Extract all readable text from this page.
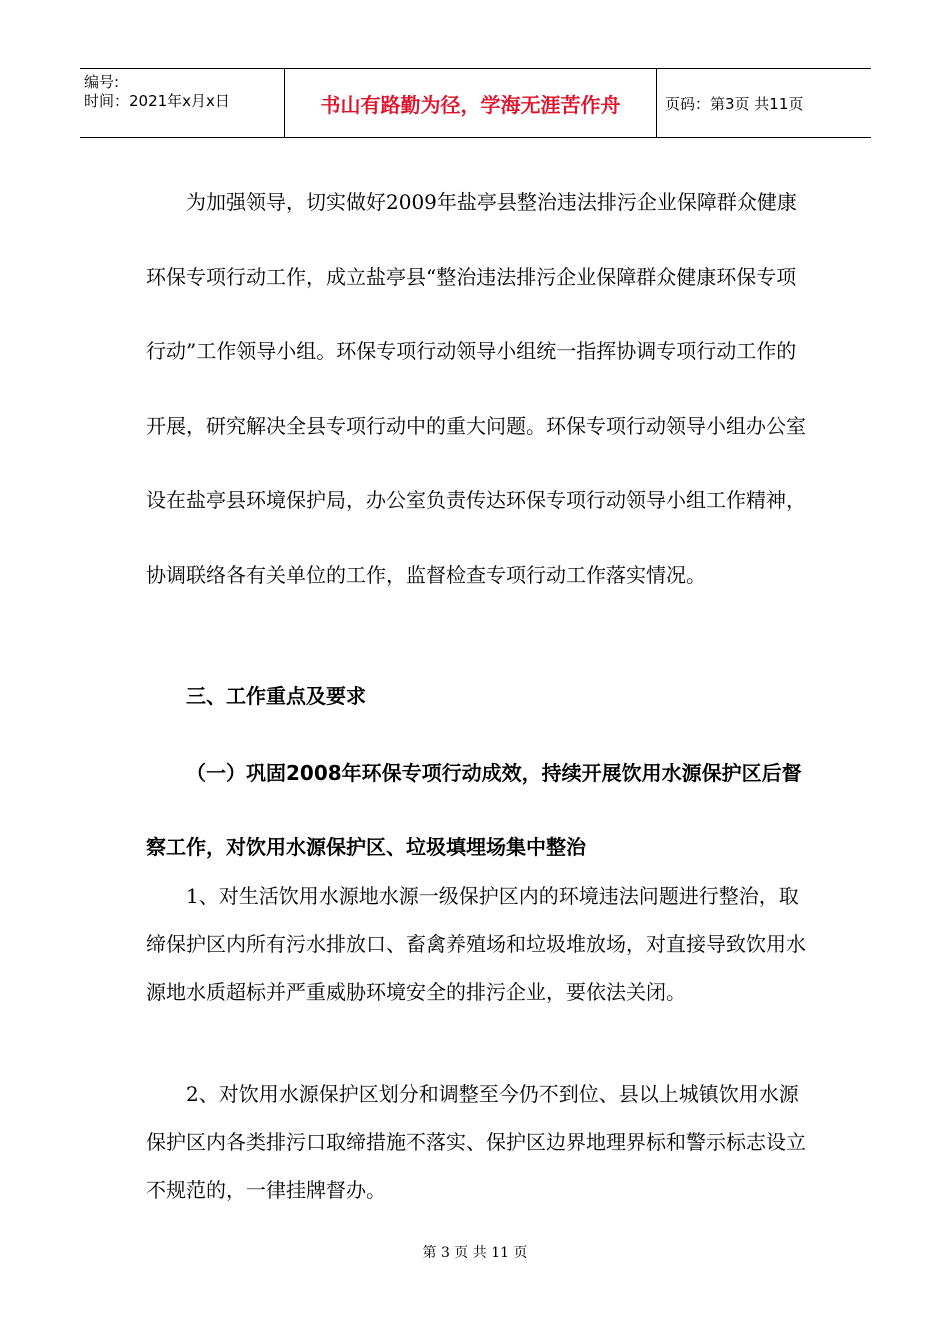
编号:
时间：2021年x月x日	书山有路勤为径，学海无涯苦作舟	页码：第3页 共11页

为加强领导，切实做好2009年盐亭县整治违法排污企业保障群众健康环保专项行动工作，成立盐亭县“整治违法排污企业保障群众健康环保专项行动”工作领导小组。环保专项行动领导小组统一指挥协调专项行动工作的开展，研究解决全县专项行动中的重大问题。环保专项行动领导小组办公室设在盐亭县环境保护局，办公室负责传达环保专项行动领导小组工作精神，协调联络各有关单位的工作，监督检查专项行动工作落实情况。

三、工作重点及要求

（一）巩固2008年环保专项行动成效，持续开展饮用水源保护区后督察工作，对饮用水源保护区、垃圾填埋场集中整治

1、对生活饮用水源地水源一级保护区内的环境违法问题进行整治，取缔保护区内所有污水排放口、畜禽养殖场和垃圾堆放场，对直接导致饮用水源地水质超标并严重威胁环境安全的排污企业，要依法关闭。

2、对饮用水源保护区划分和调整至今仍不到位、县以上城镇饮用水源保护区内各类排污口取缔措施不落实、保护区边界地理界标和警示标志设立不规范的，一律挂牌督办。

第 3 页 共 11 页
